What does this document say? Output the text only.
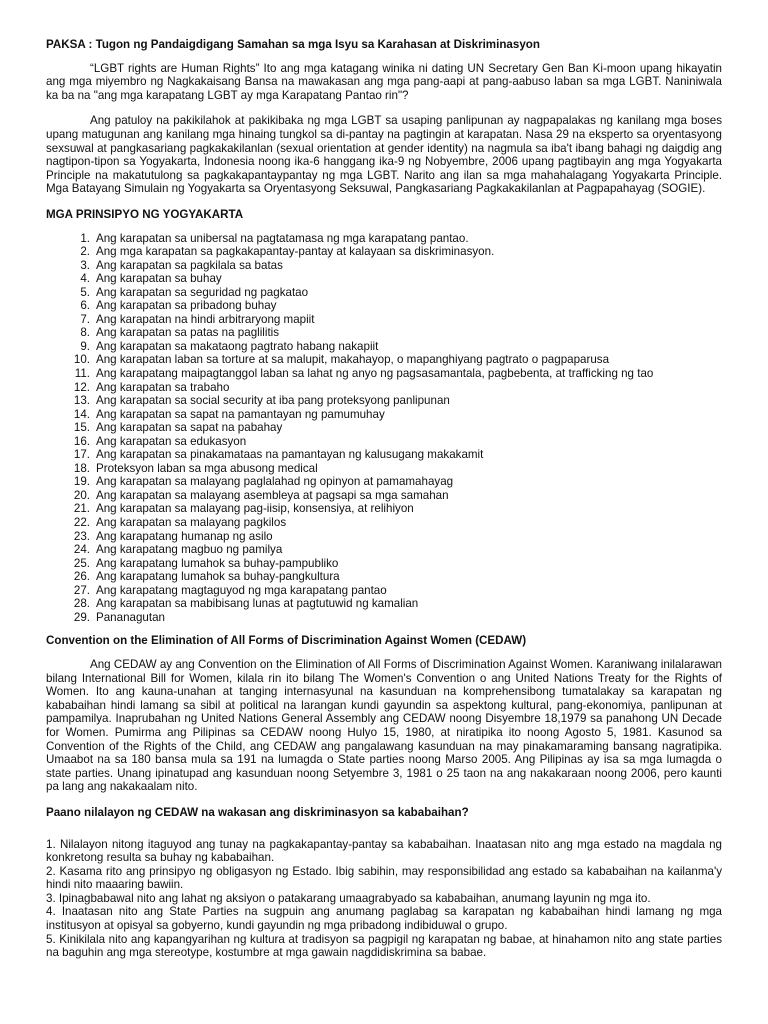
PAKSA : Tugon ng Pandaigdigang Samahan sa mga Isyu sa Karahasan at Diskriminasyon

“LGBT rights are Human Rights” Ito ang mga katagang winika ni dating UN Secretary Gen Ban Ki-moon upang hikayatin ang mga miyembro ng Nagkakaisang Bansa na mawakasan ang mga pang-aapi at pang-aabuso laban sa mga LGBT. Naniniwala ka ba na "ang mga karapatang LGBT ay mga Karapatang Pantao rin"?

Ang patuloy na pakikilahok at pakikibaka ng mga LGBT sa usaping panlipunan ay nagpapalakas ng kanilang mga boses upang matugunan ang kanilang mga hinaing tungkol sa di-pantay na pagtingin at karapatan. Nasa 29 na eksperto sa oryentasyong sexsuwal at pangkasariang pagkakakilanlan (sexual orientation at gender identity) na nagmula sa iba't ibang bahagi ng daigdig ang nagtipon-tipon sa Yogyakarta, Indonesia noong ika-6 hanggang ika-9 ng Nobyembre, 2006 upang pagtibayin ang mga Yogyakarta Principle na makatutulong sa pagkakapantaypantay ng mga LGBT. Narito ang ilan sa mga mahahalagang Yogyakarta Principle. Mga Batayang Simulain ng Yogyakarta sa Oryentasyong Seksuwal, Pangkasariang Pagkakakilanlan at Pagpapahayag (SOGIE).

MGA PRINSIPYO NG YOGYAKARTA

1. Ang karapatan sa unibersal na pagtatamasa ng mga karapatang pantao.
2. Ang mga karapatan sa pagkakapantay-pantay at kalayaan sa diskriminasyon.
3. Ang karapatan sa pagkilala sa batas
4. Ang karapatan sa buhay
5. Ang karapatan sa seguridad ng pagkatao
6. Ang karapatan sa pribadong buhay
7. Ang karapatan na hindi arbitraryong mapiit
8. Ang karapatan sa patas na paglilitis
9. Ang karapatan sa makataong pagtrato habang nakapiit
10. Ang karapatan laban sa torture at sa malupit, makahayop, o mapanghiyang pagtrato o pagpaparusa
11. Ang karapatang maipagtanggol laban sa lahat ng anyo ng pagsasamantala, pagbebenta, at trafficking ng tao
12. Ang karapatan sa trabaho
13. Ang karapatan sa social security at iba pang proteksyong panlipunan
14. Ang karapatan sa sapat na pamantayan ng pamumuhay
15. Ang karapatan sa sapat na pabahay
16. Ang karapatan sa edukasyon
17. Ang karapatan sa pinakamataas na pamantayan ng kalusugang makakamit
18. Proteksyon laban sa mga abusong medical
19. Ang karapatan sa malayang paglalahad ng opinyon at pamamahayag
20. Ang karapatan sa malayang asembleya at pagsapi sa mga samahan
21. Ang karapatan sa malayang pag-iisip, konsensiya, at relihiyon
22. Ang karapatan sa malayang pagkilos
23. Ang karapatang humanap ng asilo
24. Ang karapatang magbuo ng pamilya
25. Ang karapatang lumahok sa buhay-pampubliko
26. Ang karapatang lumahok sa buhay-pangkultura
27. Ang karapatang magtaguyod ng mga karapatang pantao
28. Ang karapatan sa mabibisang lunas at pagtutuwid ng kamalian
29. Pananagutan

Convention on the Elimination of All Forms of Discrimination Against Women (CEDAW)

Ang CEDAW ay ang Convention on the Elimination of All Forms of Discrimination Against Women. Karaniwang inilalarawan bilang International Bill for Women, kilala rin ito bilang The Women's Convention o ang United Nations Treaty for the Rights of Women. Ito ang kauna-unahan at tanging internasyunal na kasunduan na komprehensibong tumatalakay sa karapatan ng kababaihan hindi lamang sa sibil at political na larangan kundi gayundin sa aspektong kultural, pang-ekonomiya, panlipunan at pampamilya. Inaprubahan ng United Nations General Assembly ang CEDAW noong Disyembre 18,1979 sa panahong UN Decade for Women. Pumirma ang Pilipinas sa CEDAW noong Hulyo 15, 1980, at niratipika ito noong Agosto 5, 1981. Kasunod sa Convention of the Rights of the Child, ang CEDAW ang pangalawang kasunduan na may pinakamaraming bansang nagratipika. Umaabot na sa 180 bansa mula sa 191 na lumagda o State parties noong Marso 2005. Ang Pilipinas ay isa sa mga lumagda o state parties. Unang ipinatupad ang kasunduan noong Setyembre 3, 1981 o 25 taon na ang nakakaraan noong 2006, pero kaunti pa lang ang nakakaalam nito.

Paano nilalayon ng CEDAW na wakasan ang diskriminasyon sa kababaihan?

1. Nilalayon nitong itaguyod ang tunay na pagkakapantay-pantay sa kababaihan. Inaatasan nito ang mga estado na magdala ng konkretong resulta sa buhay ng kababaihan.

2. Kasama rito ang prinsipyo ng obligasyon ng Estado. Ibig sabihin, may responsibilidad ang estado sa kababaihan na kailanma'y hindi nito maaaring bawiin.

3. Ipinagbabawal nito ang lahat ng aksiyon o patakarang umaagrabyado sa kababaihan, anumang layunin ng mga ito.

4. Inaatasan nito ang State Parties na sugpuin ang anumang paglabag sa karapatan ng kababaihan hindi lamang ng mga institusyon at opisyal sa gobyerno, kundi gayundin ng mga pribadong indibiduwal o grupo.

5. Kinikilala nito ang kapangyarihan ng kultura at tradisyon sa pagpigil ng karapatan ng babae, at hinahamon nito ang state parties na baguhin ang mga stereotype, kostumbre at mga gawain nagdidiskrimina sa babae.
